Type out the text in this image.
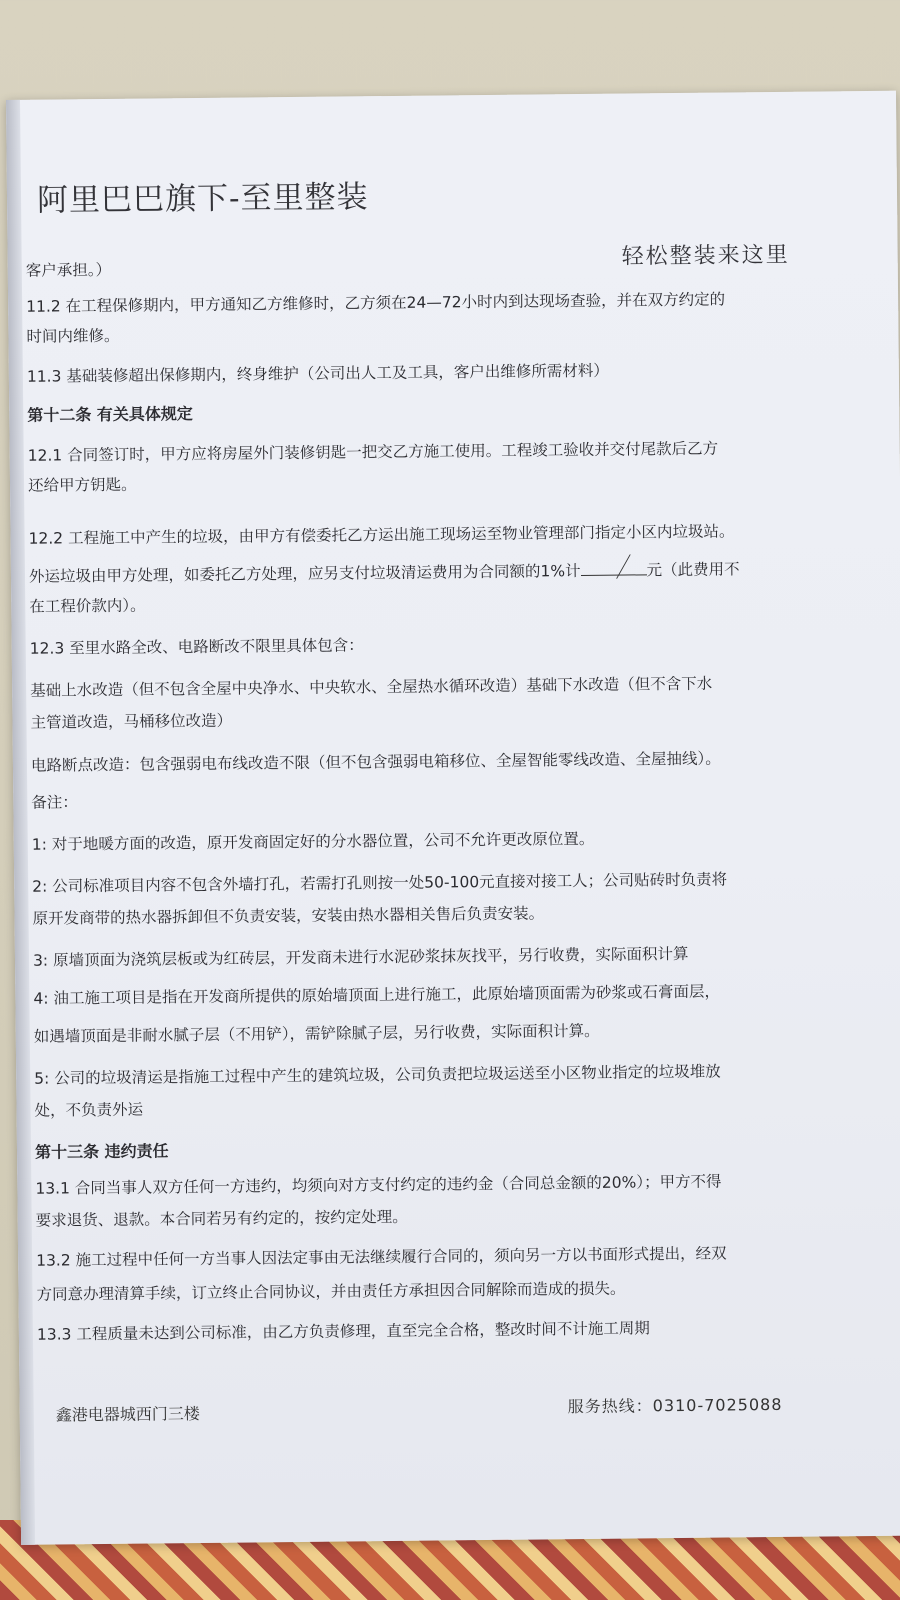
阿里巴巴旗下-至里整装
轻松整装来这里
客户承担。）
11.2 在工程保修期内，甲方通知乙方维修时，乙方须在24—72小时内到达现场查验，并在双方约定的
时间内维修。
11.3 基础装修超出保修期内，终身维护（公司出人工及工具，客户出维修所需材料）
第十二条 有关具体规定
12.1 合同签订时，甲方应将房屋外门装修钥匙一把交乙方施工使用。工程竣工验收并交付尾款后乙方
还给甲方钥匙。
12.2 工程施工中产生的垃圾，由甲方有偿委托乙方运出施工现场运至物业管理部门指定小区内垃圾站。
外运垃圾由甲方处理，如委托乙方处理，应另支付垃圾清运费用为合同额的1%计	元（此费用不
在工程价款内）。
12.3 至里水路全改、电路断改不限里具体包含：
基础上水改造（但不包含全屋中央净水、中央软水、全屋热水循环改造）基础下水改造（但不含下水
主管道改造，马桶移位改造）
电路断点改造：包含强弱电布线改造不限（但不包含强弱电箱移位、全屋智能零线改造、全屋抽线）。
备注：
1: 对于地暖方面的改造，原开发商固定好的分水器位置，公司不允许更改原位置。
2: 公司标准项目内容不包含外墙打孔，若需打孔则按一处50-100元直接对接工人；公司贴砖时负责将
原开发商带的热水器拆卸但不负责安装，安装由热水器相关售后负责安装。
3: 原墙顶面为浇筑层板或为红砖层，开发商未进行水泥砂浆抹灰找平，另行收费，实际面积计算
4: 油工施工项目是指在开发商所提供的原始墙顶面上进行施工，此原始墙顶面需为砂浆或石膏面层，
如遇墙顶面是非耐水腻子层（不用铲），需铲除腻子层，另行收费，实际面积计算。
5: 公司的垃圾清运是指施工过程中产生的建筑垃圾，公司负责把垃圾运送至小区物业指定的垃圾堆放
处，不负责外运
第十三条 违约责任
13.1 合同当事人双方任何一方违约，均须向对方支付约定的违约金（合同总金额的20%）；甲方不得
要求退货、退款。本合同若另有约定的，按约定处理。
13.2 施工过程中任何一方当事人因法定事由无法继续履行合同的，须向另一方以书面形式提出，经双
方同意办理清算手续，订立终止合同协议，并由责任方承担因合同解除而造成的损失。
13.3 工程质量未达到公司标准，由乙方负责修理，直至完全合格，整改时间不计施工周期
鑫港电器城西门三楼	服务热线：0310-7025088
